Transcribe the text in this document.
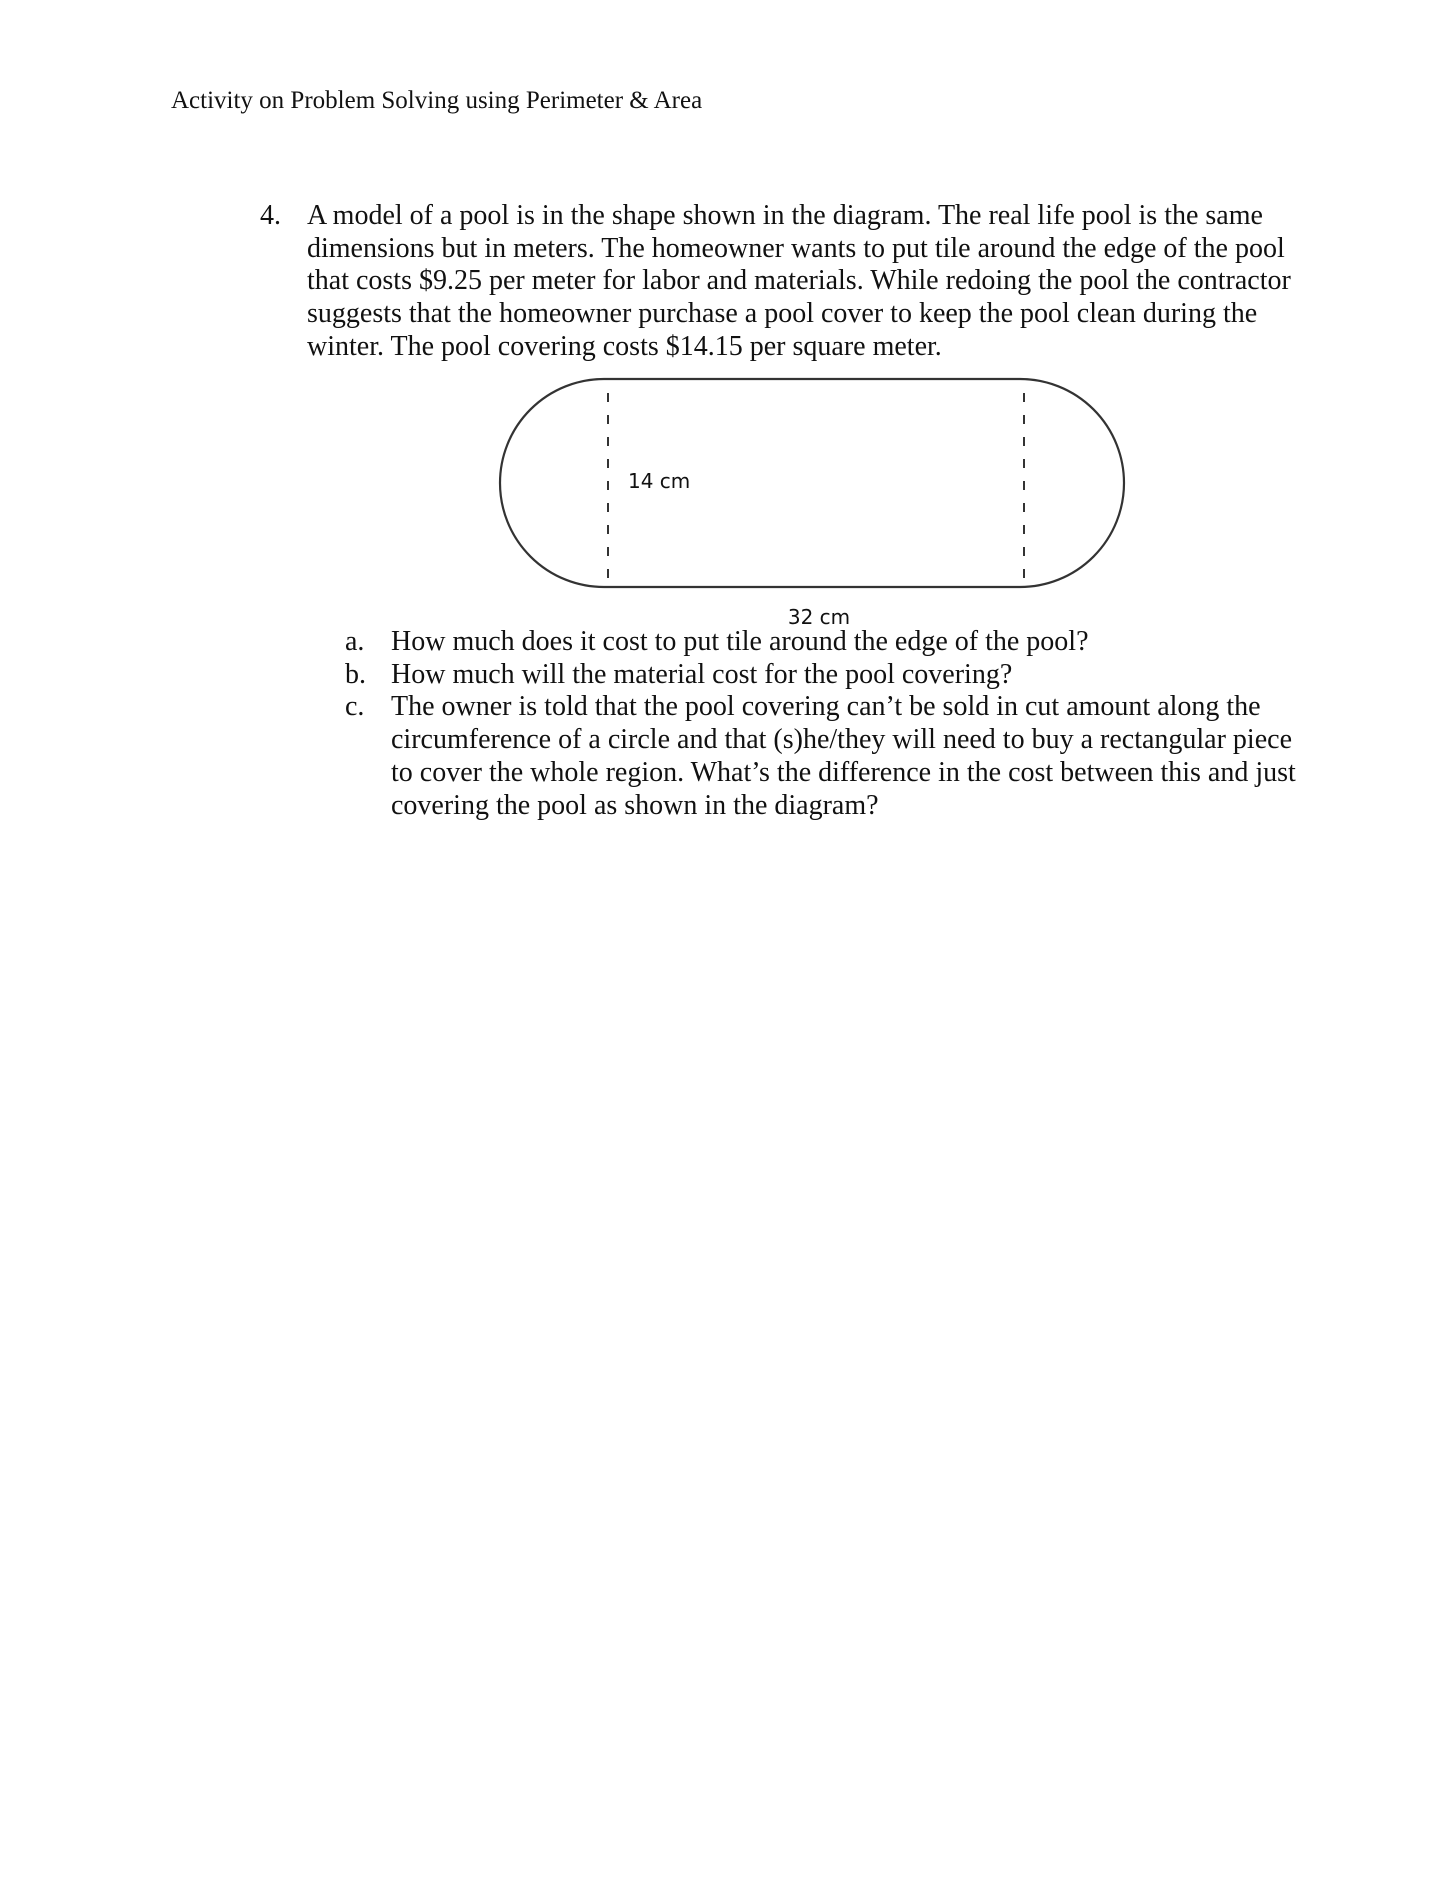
Activity on Problem Solving using Perimeter & Area
4. A model of a pool is in the shape shown in the diagram. The real life pool is the same dimensions but in meters. The homeowner wants to put tile around the edge of the pool that costs $9.25 per meter for labor and materials. While redoing the pool the contractor suggests that the homeowner purchase a pool cover to keep the pool clean during the winter. The pool covering costs $14.15 per square meter.
14 cm
32 cm
a. How much does it cost to put tile around the edge of the pool?
b. How much will the material cost for the pool covering?
c. The owner is told that the pool covering can’t be sold in cut amount along the circumference of a circle and that (s)he/they will need to buy a rectangular piece to cover the whole region. What’s the difference in the cost between this and just covering the pool as shown in the diagram?
